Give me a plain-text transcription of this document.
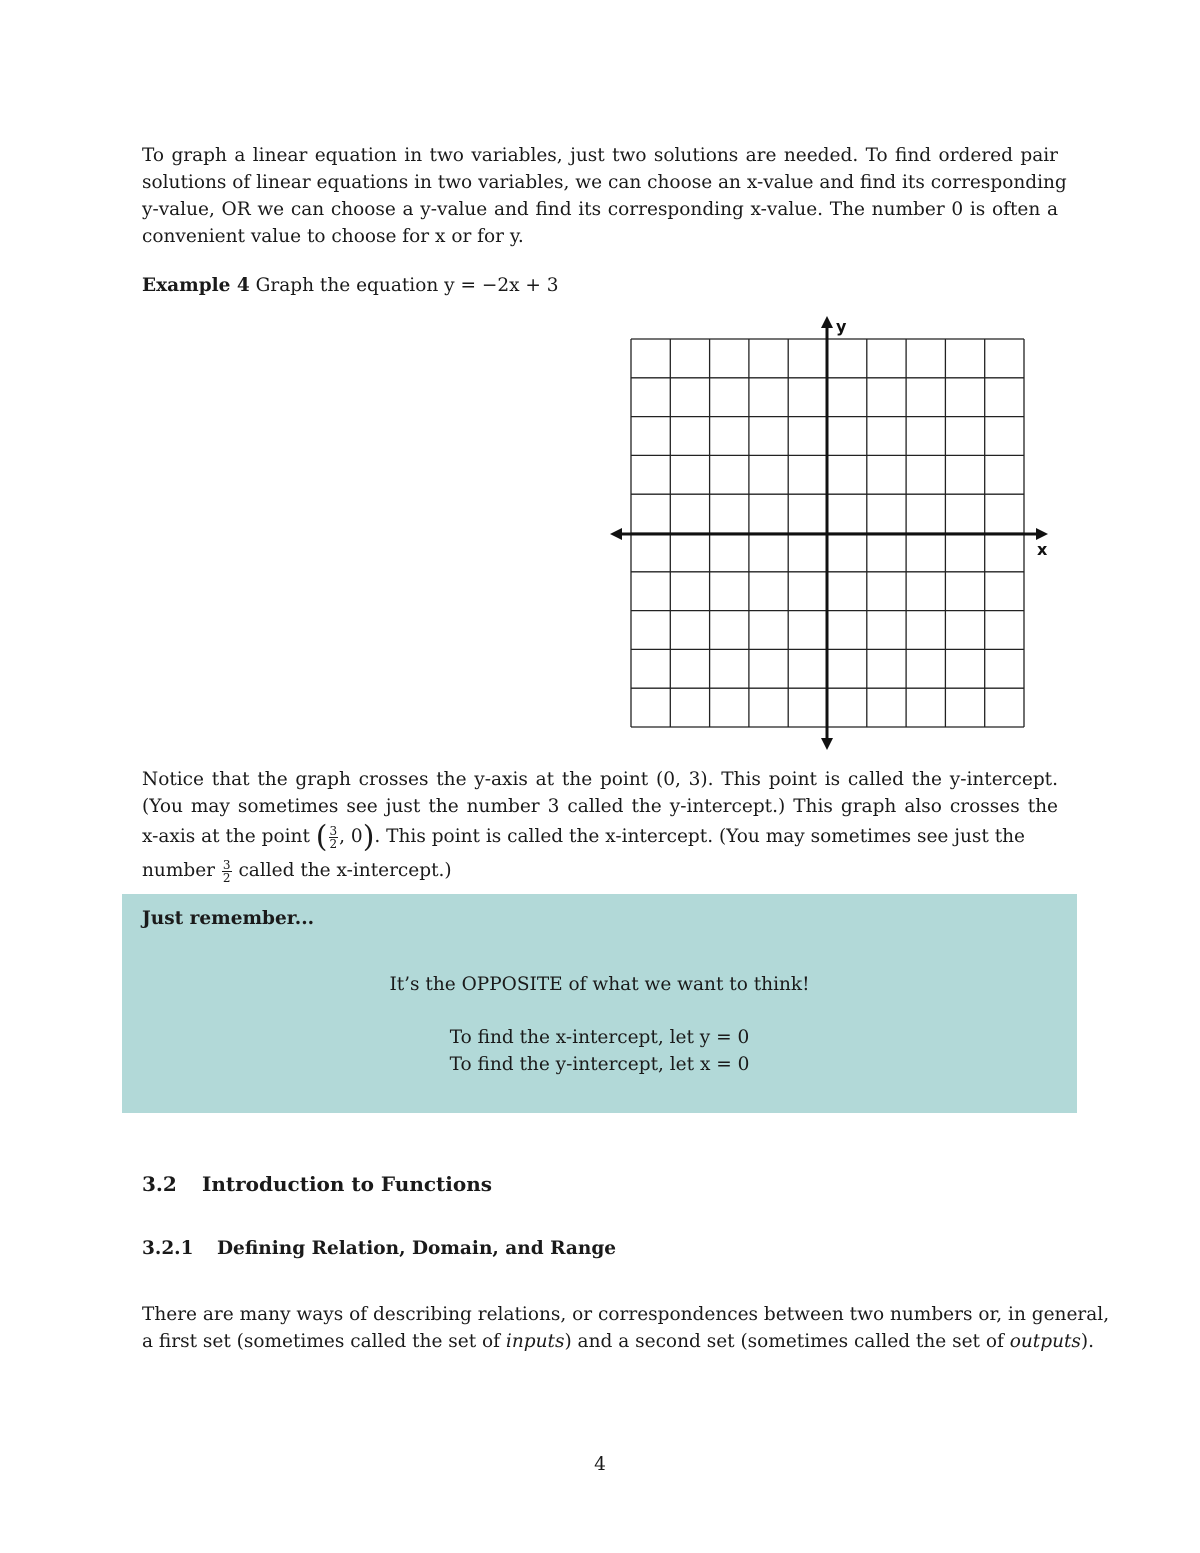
To graph a linear equation in two variables, just two solutions are needed. To find ordered pair
solutions of linear equations in two variables, we can choose an x-value and find its corresponding
y-value, OR we can choose a y-value and find its corresponding x-value. The number 0 is often a
convenient value to choose for x or for y.
Example 4 Graph the equation y = −2x + 3
y
x
Notice that the graph crosses the y-axis at the point (0, 3). This point is called the y-intercept.
(You may sometimes see just the number 3 called the y-intercept.) This graph also crosses the
x-axis at the point ( $\frac{3}{2}$ , 0). This point is called the x-intercept. (You may sometimes see just the
number $\frac{3}{2}$ called the x-intercept.)
Just remember...
It’s the OPPOSITE of what we want to think!
To find the x-intercept, let y = 0
To find the y-intercept, let x = 0
3.2 Introduction to Functions
3.2.1 Defining Relation, Domain, and Range
There are many ways of describing relations, or correspondences between two numbers or, in general,
a first set (sometimes called the set of inputs) and a second set (sometimes called the set of outputs).
4
